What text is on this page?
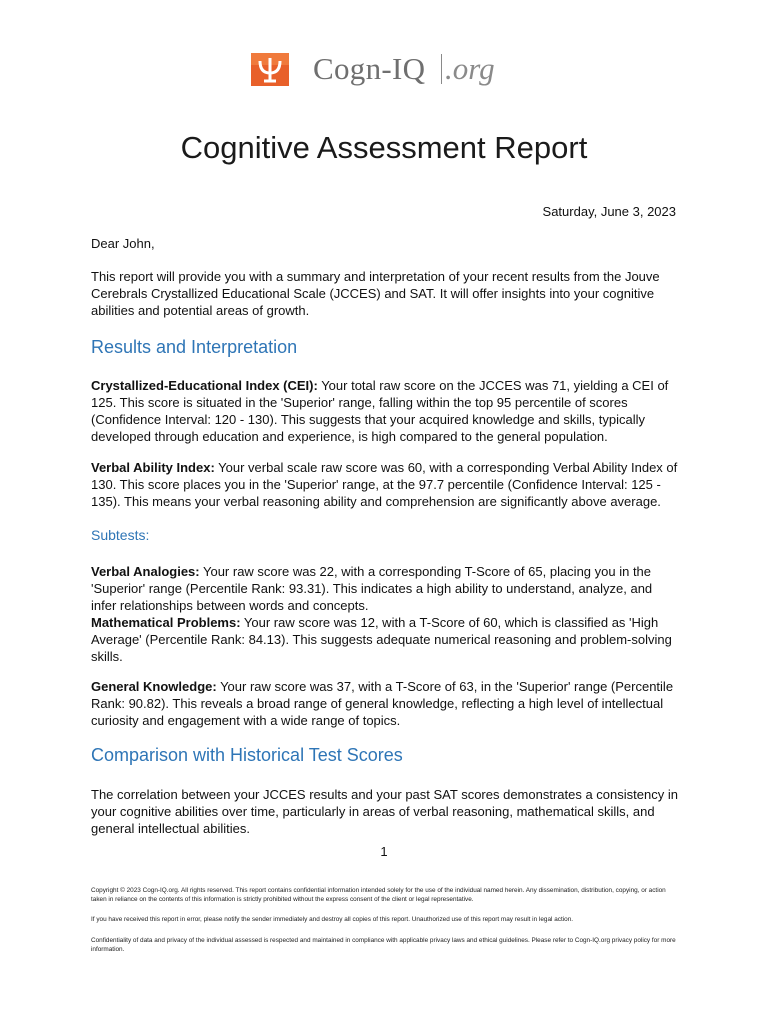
Cogn-IQ .org
Cognitive Assessment Report
Saturday, June 3, 2023

Dear John,

This report will provide you with a summary and interpretation of your recent results from the Jouve Cerebrals Crystallized Educational Scale (JCCES) and SAT. It will offer insights into your cognitive abilities and potential areas of growth.

Results and Interpretation

Crystallized-Educational Index (CEI): Your total raw score on the JCCES was 71, yielding a CEI of 125. This score is situated in the 'Superior' range, falling within the top 95 percentile of scores (Confidence Interval: 120 - 130). This suggests that your acquired knowledge and skills, typically developed through education and experience, is high compared to the general population.

Verbal Ability Index: Your verbal scale raw score was 60, with a corresponding Verbal Ability Index of 130. This score places you in the 'Superior' range, at the 97.7 percentile (Confidence Interval: 125 - 135). This means your verbal reasoning ability and comprehension are significantly above average.

Subtests:

Verbal Analogies: Your raw score was 22, with a corresponding T-Score of 65, placing you in the 'Superior' range (Percentile Rank: 93.31). This indicates a high ability to understand, analyze, and infer relationships between words and concepts.

Mathematical Problems: Your raw score was 12, with a T-Score of 60, which is classified as 'High Average' (Percentile Rank: 84.13). This suggests adequate numerical reasoning and problem-solving skills.

General Knowledge: Your raw score was 37, with a T-Score of 63, in the 'Superior' range (Percentile Rank: 90.82). This reveals a broad range of general knowledge, reflecting a high level of intellectual curiosity and engagement with a wide range of topics.

Comparison with Historical Test Scores

The correlation between your JCCES results and your past SAT scores demonstrates a consistency in your cognitive abilities over time, particularly in areas of verbal reasoning, mathematical skills, and general intellectual abilities.

1

Copyright © 2023 Cogn-IQ.org. All rights reserved. This report contains confidential information intended solely for the use of the individual named herein. Any dissemination, distribution, copying, or action taken in reliance on the contents of this information is strictly prohibited without the express consent of the client or legal representative.

If you have received this report in error, please notify the sender immediately and destroy all copies of this report. Unauthorized use of this report may result in legal action.

Confidentiality of data and privacy of the individual assessed is respected and maintained in compliance with applicable privacy laws and ethical guidelines. Please refer to Cogn-IQ.org privacy policy for more information.
